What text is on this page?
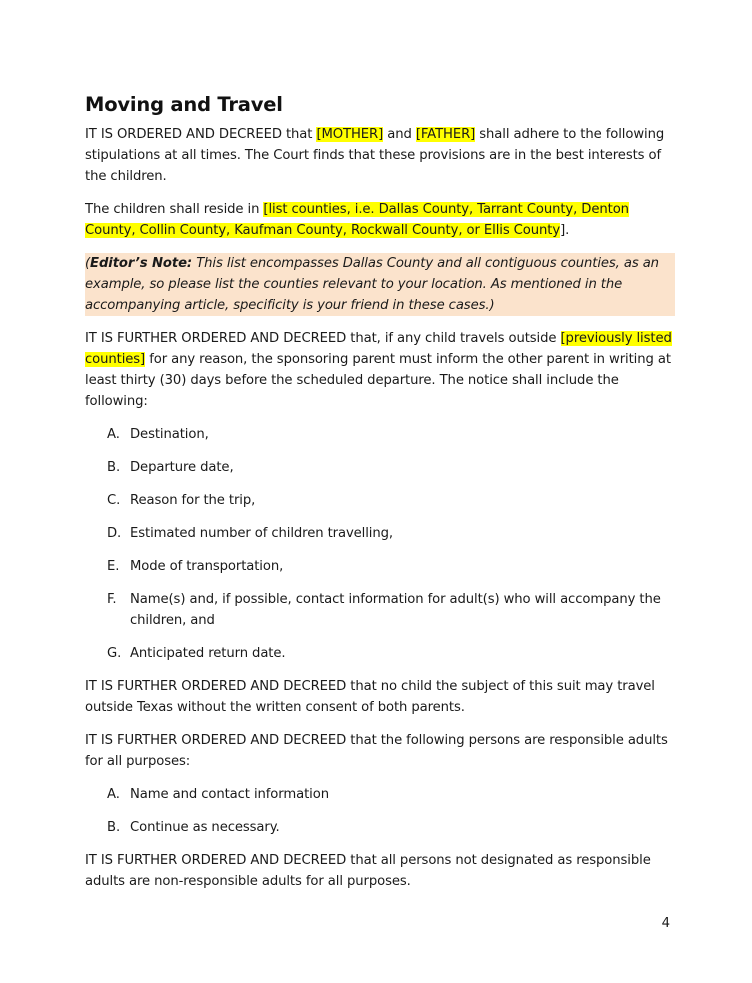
Moving and Travel

IT IS ORDERED AND DECREED that [MOTHER] and [FATHER] shall adhere to the following stipulations at all times. The Court finds that these provisions are in the best interests of the children.

The children shall reside in [list counties, i.e. Dallas County, Tarrant County, Denton County, Collin County, Kaufman County, Rockwall County, or Ellis County].

(Editor’s Note: This list encompasses Dallas County and all contiguous counties, as an example, so please list the counties relevant to your location. As mentioned in the accompanying article, specificity is your friend in these cases.)

IT IS FURTHER ORDERED AND DECREED that, if any child travels outside [previously listed counties] for any reason, the sponsoring parent must inform the other parent in writing at least thirty (30) days before the scheduled departure. The notice shall include the following:

A. Destination,
B. Departure date,
C. Reason for the trip,
D. Estimated number of children travelling,
E. Mode of transportation,
F. Name(s) and, if possible, contact information for adult(s) who will accompany the children, and
G. Anticipated return date.

IT IS FURTHER ORDERED AND DECREED that no child the subject of this suit may travel outside Texas without the written consent of both parents.

IT IS FURTHER ORDERED AND DECREED that the following persons are responsible adults for all purposes:

A. Name and contact information
B. Continue as necessary.

IT IS FURTHER ORDERED AND DECREED that all persons not designated as responsible adults are non-responsible adults for all purposes.

4
